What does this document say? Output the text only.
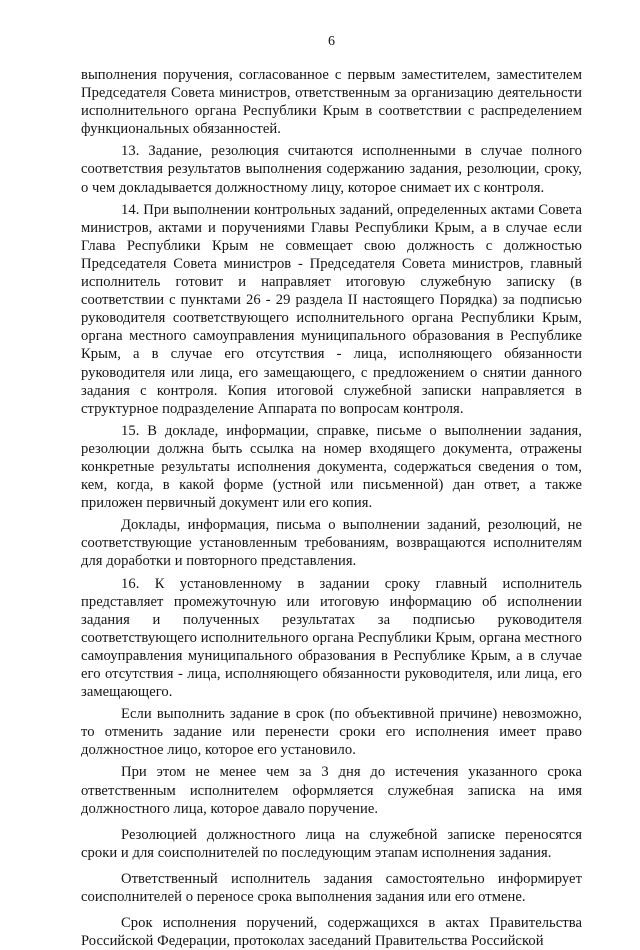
6

выполнения поручения, согласованное с первым заместителем, заместителем Председателя Совета министров, ответственным за организацию деятельности исполнительного органа Республики Крым в соответствии с распределением функциональных обязанностей.

13. Задание, резолюция считаются исполненными в случае полного соответствия результатов выполнения содержанию задания, резолюции, сроку, о чем докладывается должностному лицу, которое снимает их с контроля.

14. При выполнении контрольных заданий, определенных актами Совета министров, актами и поручениями Главы Республики Крым, а в случае если Глава Республики Крым не совмещает свою должность с должностью Председателя Совета министров - Председателя Совета министров, главный исполнитель готовит и направляет итоговую служебную записку (в соответствии с пунктами 26 - 29 раздела II настоящего Порядка) за подписью руководителя соответствующего исполнительного органа Республики Крым, органа местного самоуправления муниципального образования в Республике Крым, а в случае его отсутствия - лица, исполняющего обязанности руководителя или лица, его замещающего, с предложением о снятии данного задания с контроля. Копия итоговой служебной записки направляется в структурное подразделение Аппарата по вопросам контроля.

15. В докладе, информации, справке, письме о выполнении задания, резолюции должна быть ссылка на номер входящего документа, отражены конкретные результаты исполнения документа, содержаться сведения о том, кем, когда, в какой форме (устной или письменной) дан ответ, а также приложен первичный документ или его копия.

Доклады, информация, письма о выполнении заданий, резолюций, не соответствующие установленным требованиям, возвращаются исполнителям для доработки и повторного представления.

16. К установленному в задании сроку главный исполнитель представляет промежуточную или итоговую информацию об исполнении задания и полученных результатах за подписью руководителя соответствующего исполнительного органа Республики Крым, органа местного самоуправления муниципального образования в Республике Крым, а в случае его отсутствия - лица, исполняющего обязанности руководителя, или лица, его замещающего.

Если выполнить задание в срок (по объективной причине) невозможно, то отменить задание или перенести сроки его исполнения имеет право должностное лицо, которое его установило.

При этом не менее чем за 3 дня до истечения указанного срока ответственным исполнителем оформляется служебная записка на имя должностного лица, которое давало поручение.

Резолюцией должностного лица на служебной записке переносятся сроки и для соисполнителей по последующим этапам исполнения задания.

Ответственный исполнитель задания самостоятельно информирует соисполнителей о переносе срока выполнения задания или его отмене.

Срок исполнения поручений, содержащихся в актах Правительства Российской Федерации, протоколах заседаний Правительства Российской
